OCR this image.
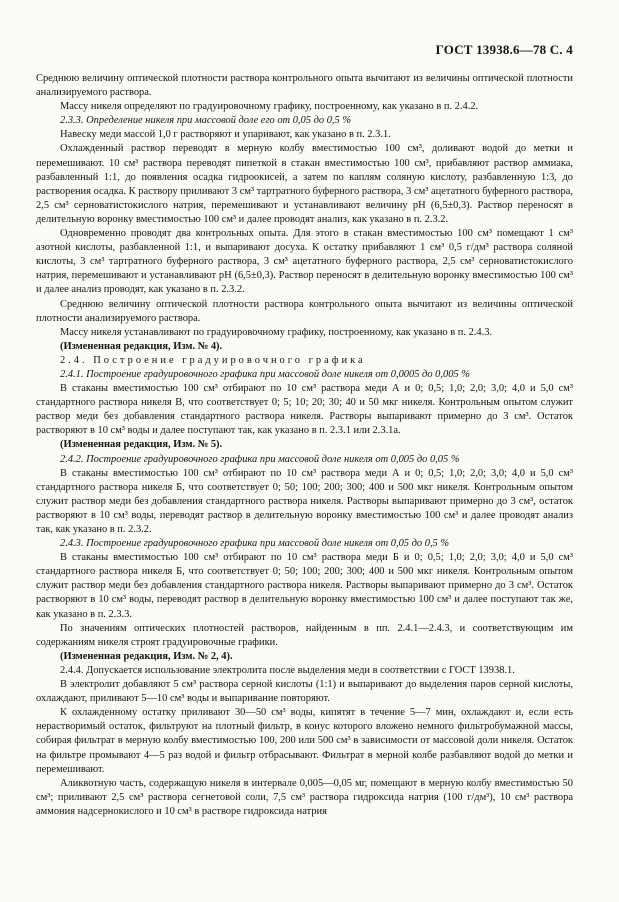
ГОСТ 13938.6—78 С. 4

Среднюю величину оптической плотности раствора контрольного опыта вычитают из величины оптической плотности анализируемого раствора.

Массу никеля определяют по градуировочному графику, построенному, как указано в п. 2.4.2.

2.3.3. Определение никеля при массовой доле его от 0,05 до 0,5 %

Навеску меди массой 1,0 г растворяют и упаривают, как указано в п. 2.3.1.

Охлажденный раствор переводят в мерную колбу вместимостью 100 см³, доливают водой до метки и перемешивают. 10 см³ раствора переводят пипеткой в стакан вместимостью 100 см³, прибавляют раствор аммиака, разбавленный 1:1, до появления осадка гидроокисей, а затем по каплям соляную кислоту, разбавленную 1:3, до растворения осадка. К раствору приливают 3 см³ тартратного буферного раствора, 3 см³ ацетатного буферного раствора, 2,5 см³ сернoватистокислого натрия, перемешивают и устанавливают величину рН (6,5±0,3). Раствор переносят в делительную воронку вместимостью 100 см³ и далее проводят анализ, как указано в п. 2.3.2.

Одновременно проводят два контрольных опыта. Для этого в стакан вместимостью 100 см³ помещают 1 см³ азотной кислоты, разбавленной 1:1, и выпаривают досуха. К остатку прибавляют 1 см³ 0,5 г/дм³ раствора соляной кислоты, 3 см³ тартратного буферного раствора, 3 см³ ацетатного буферного раствора, 2,5 см³ серноватистокислого натрия, перемешивают и устанавливают рН (6,5±0,3). Раствор переносят в делительную воронку вместимостью 100 см³ и далее анализ проводят, как указано в п. 2.3.2.

Среднюю величину оптической плотности раствора контрольного опыта вычитают из величины оптической плотности анализируемого раствора.

Массу никеля устанавливают по градуировочному графику, построенному, как указано в п. 2.4.3.

(Измененная редакция, Изм. № 4).

2.4. Построение градуировочного графика

2.4.1. Построение градуировочного графика при массовой доле никеля от 0,0005 до 0,005 %

В стаканы вместимостью 100 см³ отбирают по 10 см³ раствора меди А и 0; 0,5; 1,0; 2,0; 3,0; 4,0 и 5,0 см³ стандартного раствора никеля В, что соответствует 0; 5; 10; 20; 30; 40 и 50 мкг никеля. Контрольным опытом служит раствор меди без добавления стандартного раствора никеля. Растворы выпаривают примерно до 3 см³. Остаток растворяют в 10 см³ воды и далее поступают так, как указано в п. 2.3.1 или 2.3.1а.

(Измененная редакция, Изм. № 5).

2.4.2. Построение градуировочного графика при массовой доле никеля от 0,005 до 0,05 %

В стаканы вместимостью 100 см³ отбирают по 10 см³ раствора меди А и 0; 0,5; 1,0; 2,0; 3,0; 4,0 и 5,0 см³ стандартного раствора никеля Б, что соответствует 0; 50; 100; 200; 300; 400 и 500 мкг никеля. Контрольным опытом служит раствор меди без добавления стандартного раствора никеля. Растворы выпаривают примерно до 3 см³, остаток растворяют в 10 см³ воды, переводят раствор в делительную воронку вместимостью 100 см³ и далее проводят анализ так, как указано в п. 2.3.2.

2.4.3. Построение градуировочного графика при массовой доле никеля от 0,05 до 0,5 %

В стаканы вместимостью 100 см³ отбирают по 10 см³ раствора меди Б и 0; 0,5; 1,0; 2,0; 3,0; 4,0 и 5,0 см³ стандартного раствора никеля Б, что соответствует 0; 50; 100; 200; 300; 400 и 500 мкг никеля. Контрольным опытом служит раствор меди без добавления стандартного раствора никеля. Растворы выпаривают примерно до 3 см³. Остаток растворяют в 10 см³ воды, переводят раствор в делительную воронку вместимостью 100 см³ и далее поступают так же, как указано в п. 2.3.3.

По значениям оптических плотностей растворов, найденным в пп. 2.4.1—2.4.3, и соответствующим им содержаниям никеля строят градуировочные графики.

(Измененная редакция, Изм. № 2, 4).

2.4.4. Допускается использование электролита после выделения меди в соответствии с ГОСТ 13938.1.

В электролит добавляют 5 см³ раствора серной кислоты (1:1) и выпаривают до выделения паров серной кислоты, охлаждают, приливают 5—10 см³ воды и выпаривание повторяют.

К охлажденному остатку приливают 30—50 см³ воды, кипятят в течение 5—7 мин, охлаждают и, если есть нерастворимый остаток, фильтруют на плотный фильтр, в конус которого вложено немного фильтробумажной массы, собирая фильтрат в мерную колбу вместимостью 100, 200 или 500 см³ в зависимости от массовой доли никеля. Остаток на фильтре промывают 4—5 раз водой и фильтр отбрасывают. Фильтрат в мерной колбе разбавляют водой до метки и перемешивают.

Аликвотную часть, содержащую никеля в интервале 0,005—0,05 мг, помещают в мерную колбу вместимостью 50 см³; приливают 2,5 см³ раствора сегнетовой соли, 7,5 см³ раствора гидроксида натрия (100 г/дм³), 10 см³ раствора аммония надсернокислого и 10 см³ в растворе гидроксида натрия
